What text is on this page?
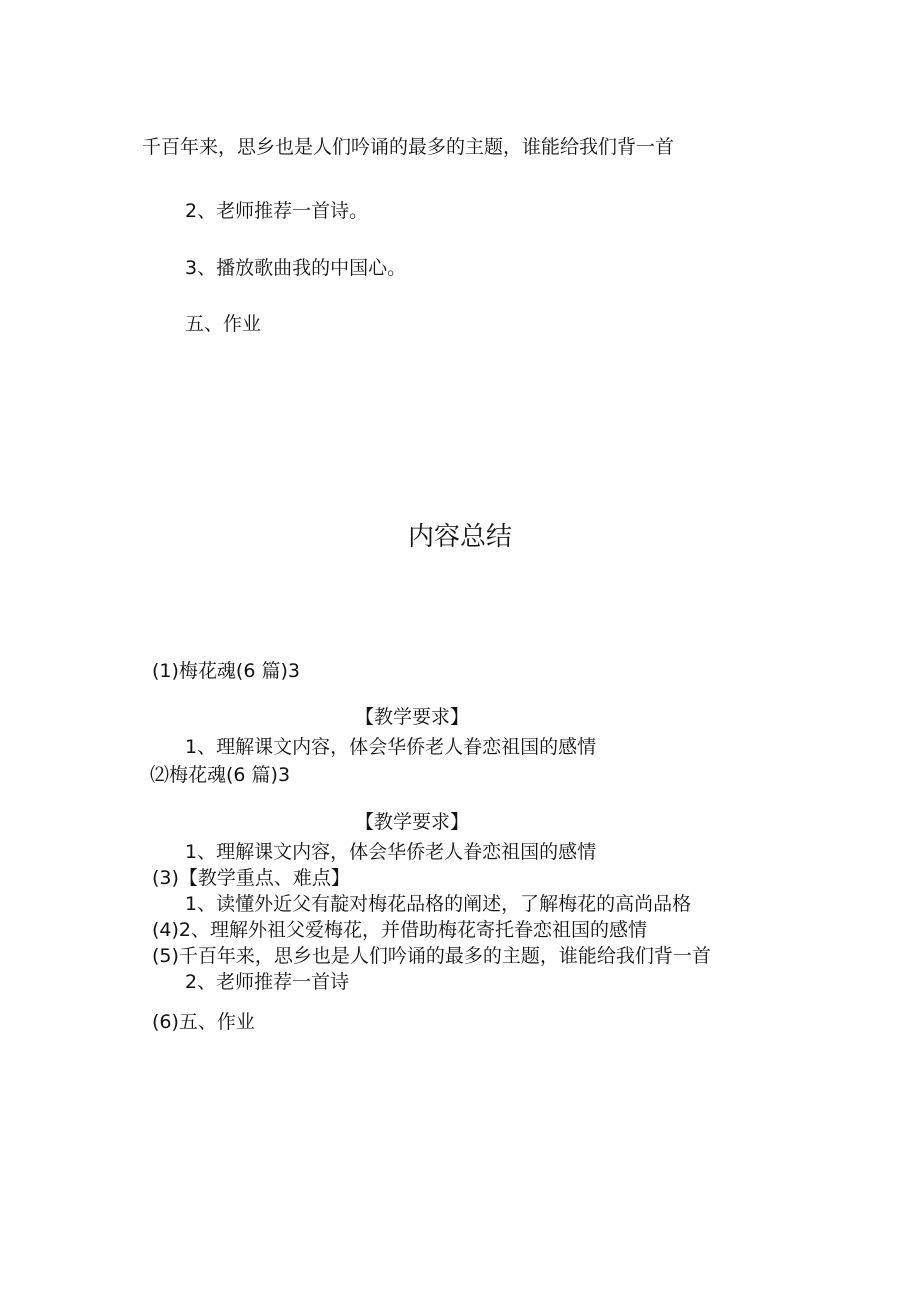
千百年来，思乡也是人们吟诵的最多的主题，谁能给我们背一首
2、老师推荐一首诗。
3、播放歌曲我的中国心。
五、作业
内容总结
(1)梅花魂(6 篇)3
【教学要求】
1、理解课文内容，体会华侨老人眷恋祖国的感情
⑵梅花魂(6 篇)3
【教学要求】
1、理解课文内容，体会华侨老人眷恋祖国的感情
(3)【教学重点、难点】
1、读懂外近父有靛对梅花品格的阐述，了解梅花的高尚品格
(4)2、理解外祖父爱梅花，并借助梅花寄托眷恋祖国的感情
(5)千百年来，思乡也是人们吟诵的最多的主题，谁能给我们背一首
2、老师推荐一首诗
(6)五、作业
